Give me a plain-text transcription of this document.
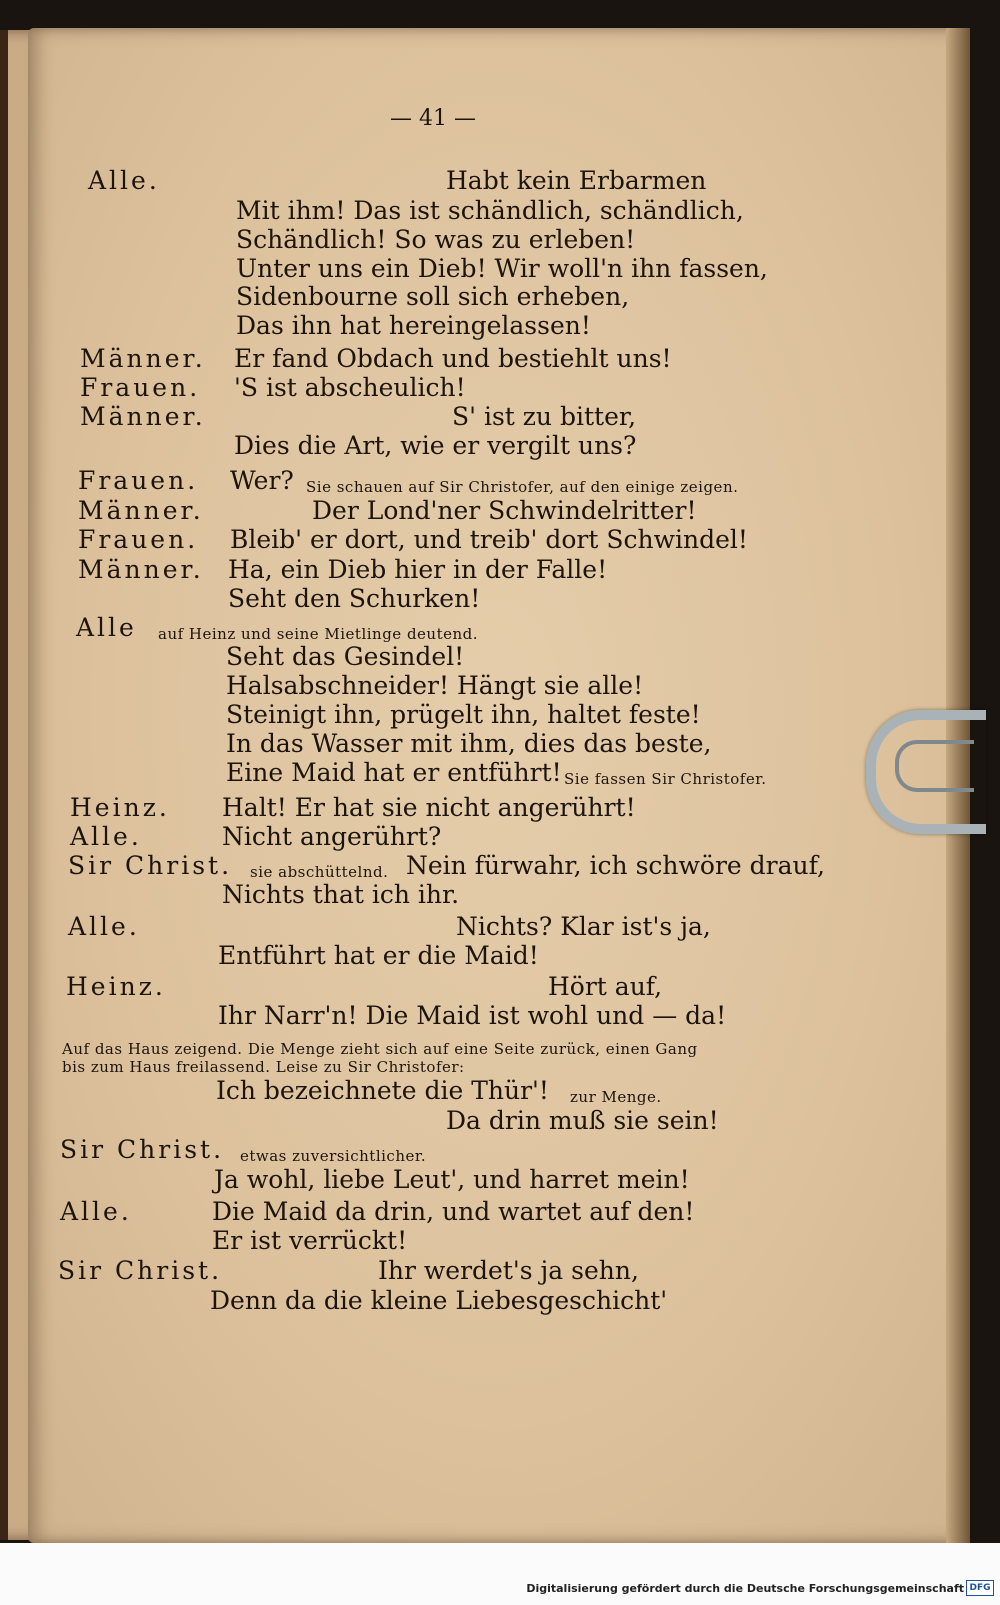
— 41 —
Alle.	Habt kein Erbarmen
Mit ihm! Das ist schändlich, schändlich,
Schändlich! So was zu erleben!
Unter uns ein Dieb! Wir woll'n ihn fassen,
Sidenbourne soll sich erheben,
Das ihn hat hereingelassen!
Männer. Er fand Obdach und bestiehlt uns!
Frauen. 'S ist abscheulich!
Männer.	S' ist zu bitter,
Dies die Art, wie er vergilt uns?
Frauen. Wer? Sie schauen auf Sir Christofer, auf den einige zeigen.
Männer.	Der Lond'ner Schwindelritter!
Frauen. Bleib' er dort, und treib' dort Schwindel!
Männer. Ha, ein Dieb hier in der Falle!
Seht den Schurken!
Alle auf Heinz und seine Mietlinge deutend.
Seht das Gesindel!
Halsabschneider! Hängt sie alle!
Steinigt ihn, prügelt ihn, haltet feste!
In das Wasser mit ihm, dies das beste,
Eine Maid hat er entführt! Sie fassen Sir Christofer.
Heinz. Halt! Er hat sie nicht angerührt!
Alle.	Nicht angerührt?
Sir Christ. sie abschüttelnd. Nein fürwahr, ich schwöre drauf,
Nichts that ich ihr.
Alle.	Nichts? Klar ist's ja,
Entführt hat er die Maid!
Heinz.	Hört auf,
Ihr Narr'n! Die Maid ist wohl und — da!
Auf das Haus zeigend. Die Menge zieht sich auf eine Seite zurück, einen Gang
bis zum Haus freilassend. Leise zu Sir Christofer:
Ich bezeichnete die Thür'! zur Menge.
Da drin muß sie sein!
Sir Christ. etwas zuversichtlicher.
Ja wohl, liebe Leut', und harret mein!
Alle.	Die Maid da drin, und wartet auf den!
Er ist verrückt!
Sir Christ.	Ihr werdet's ja sehn,
Denn da die kleine Liebesgeschicht'
Digitalisierung gefördert durch die Deutsche Forschungsgemeinschaft DFG
